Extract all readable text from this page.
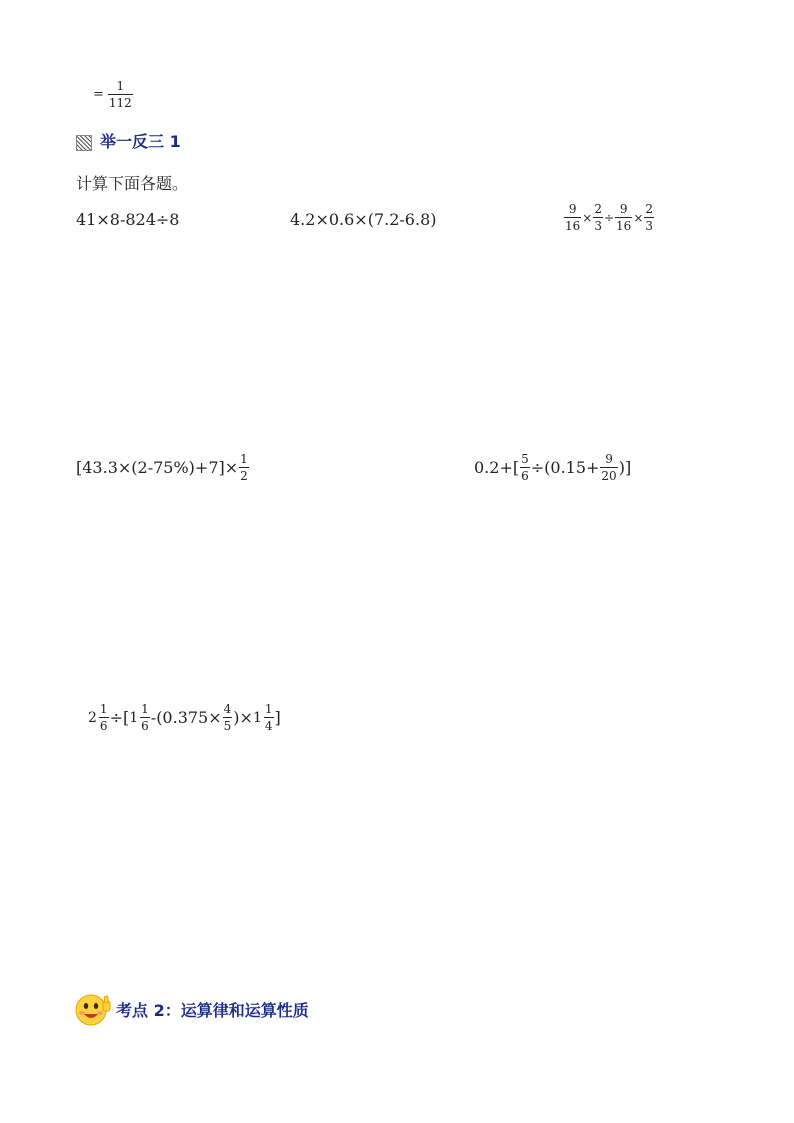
= $\frac{1}{112}$
举一反三 1
计算下面各题。
41×8-824÷8	4.2×0.6×(7.2-6.8)	$\frac{9}{16} \times \frac{2}{3} \div \frac{9}{16} \times \frac{2}{3}$
$[43.3\times(2-75\%)+7]\times \frac{1}{2}$	$0.2+[ \frac{5}{6} \div(0.15+ \frac{9}{20}$ )]
$2 \frac{1}{6}$ ÷[ $1 \frac{1}{6} -(0.375\times \frac{4}{5}$ )× $1 \frac{1}{4}$ ]
考点 2：运算律和运算性质
